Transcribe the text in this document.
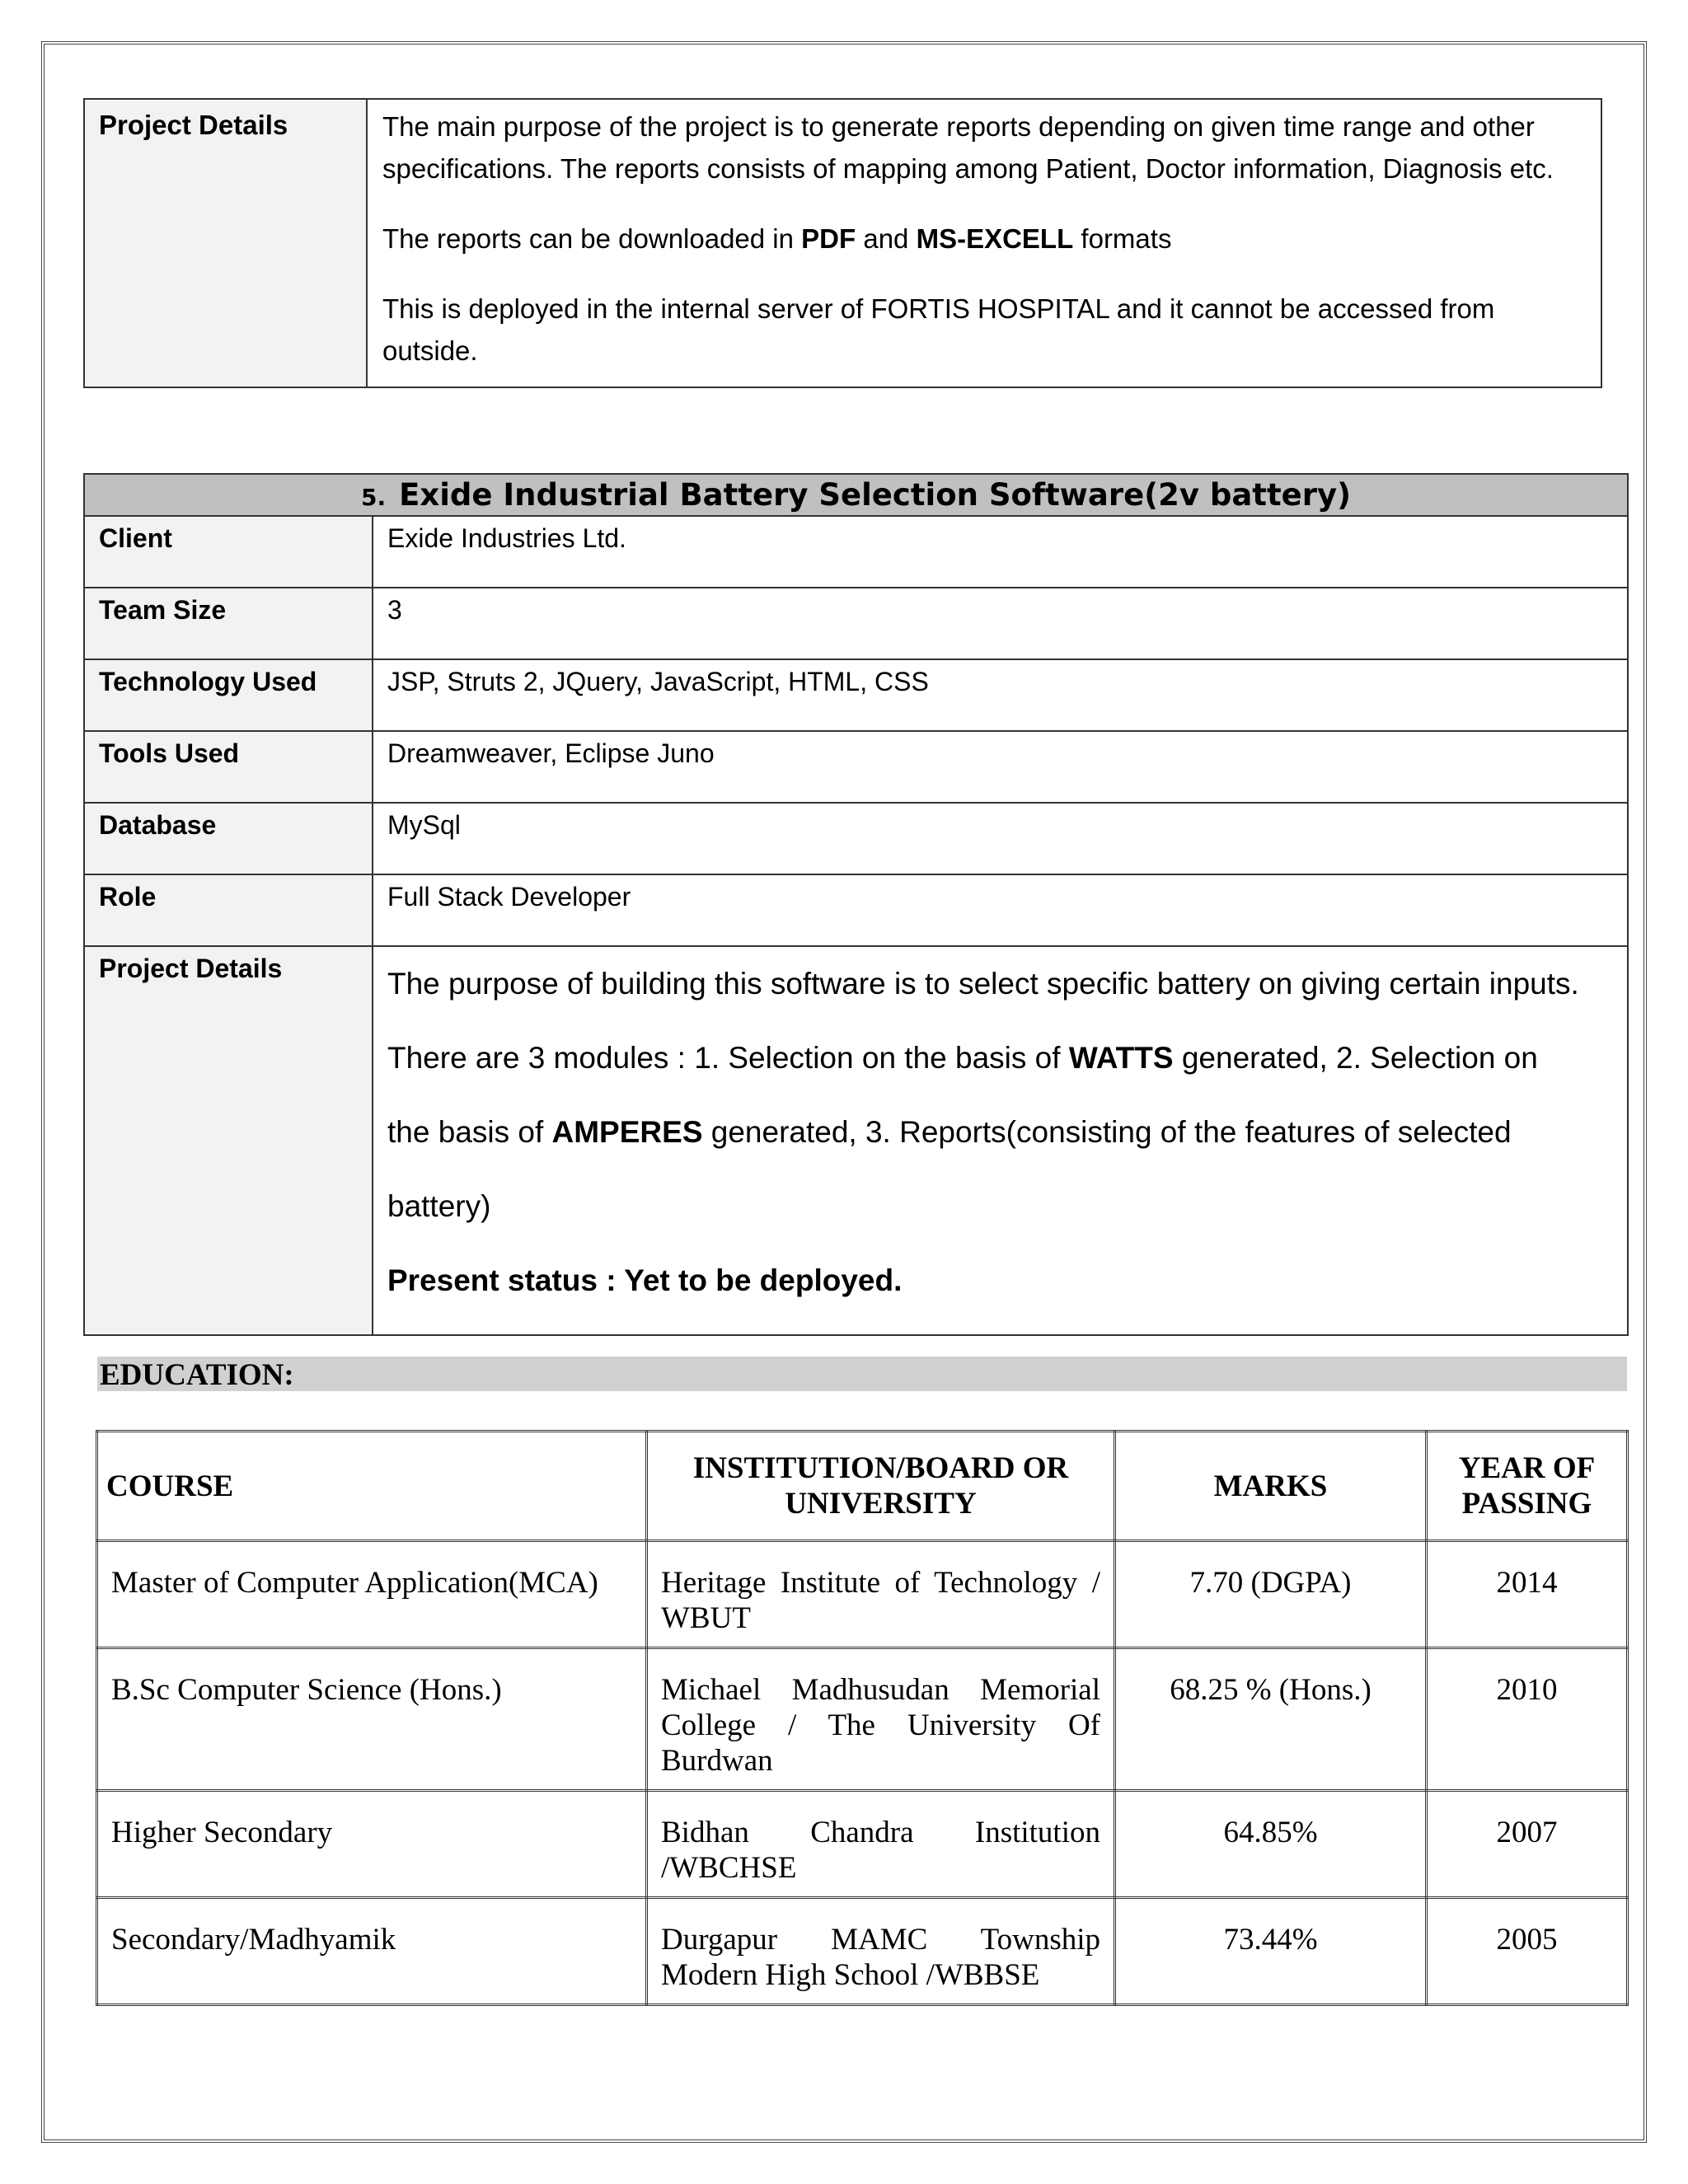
Project Details	The main purpose of the project is to generate reports depending on given time range and other specifications. The reports consists of mapping among Patient, Doctor information, Diagnosis etc.

The reports can be downloaded in PDF and MS-EXCELL formats

This is deployed in the internal server of FORTIS HOSPITAL and it cannot be accessed from outside.

5. Exide Industrial Battery Selection Software(2v battery)	
Client	Exide Industries Ltd.
Team Size	3
Technology Used	JSP, Struts 2, JQuery, JavaScript, HTML, CSS
Tools Used	Dreamweaver, Eclipse Juno
Database	MySql
Role	Full Stack Developer
Project Details	The purpose of building this software is to select specific battery on giving certain inputs.

There are 3 modules : 1. Selection on the basis of WATTS generated, 2. Selection on

the basis of AMPERES generated, 3. Reports(consisting of the features of selected battery)

Present status : Yet to be deployed.

EDUCATION:
COURSE	INSTITUTION/BOARD OR UNIVERSITY	MARKS	YEAR OF PASSING
Master of Computer Application(MCA)	Heritage Institute of Technology / WBUT	7.70 (DGPA)	2014
B.Sc Computer Science (Hons.)	Michael Madhusudan Memorial College / The University Of Burdwan	68.25 % (Hons.)	2010
Higher Secondary	Bidhan Chandra Institution /WBCHSE	64.85%	2007
Secondary/Madhyamik	Durgapur MAMC Township Modern High School /WBBSE	73.44%	2005
